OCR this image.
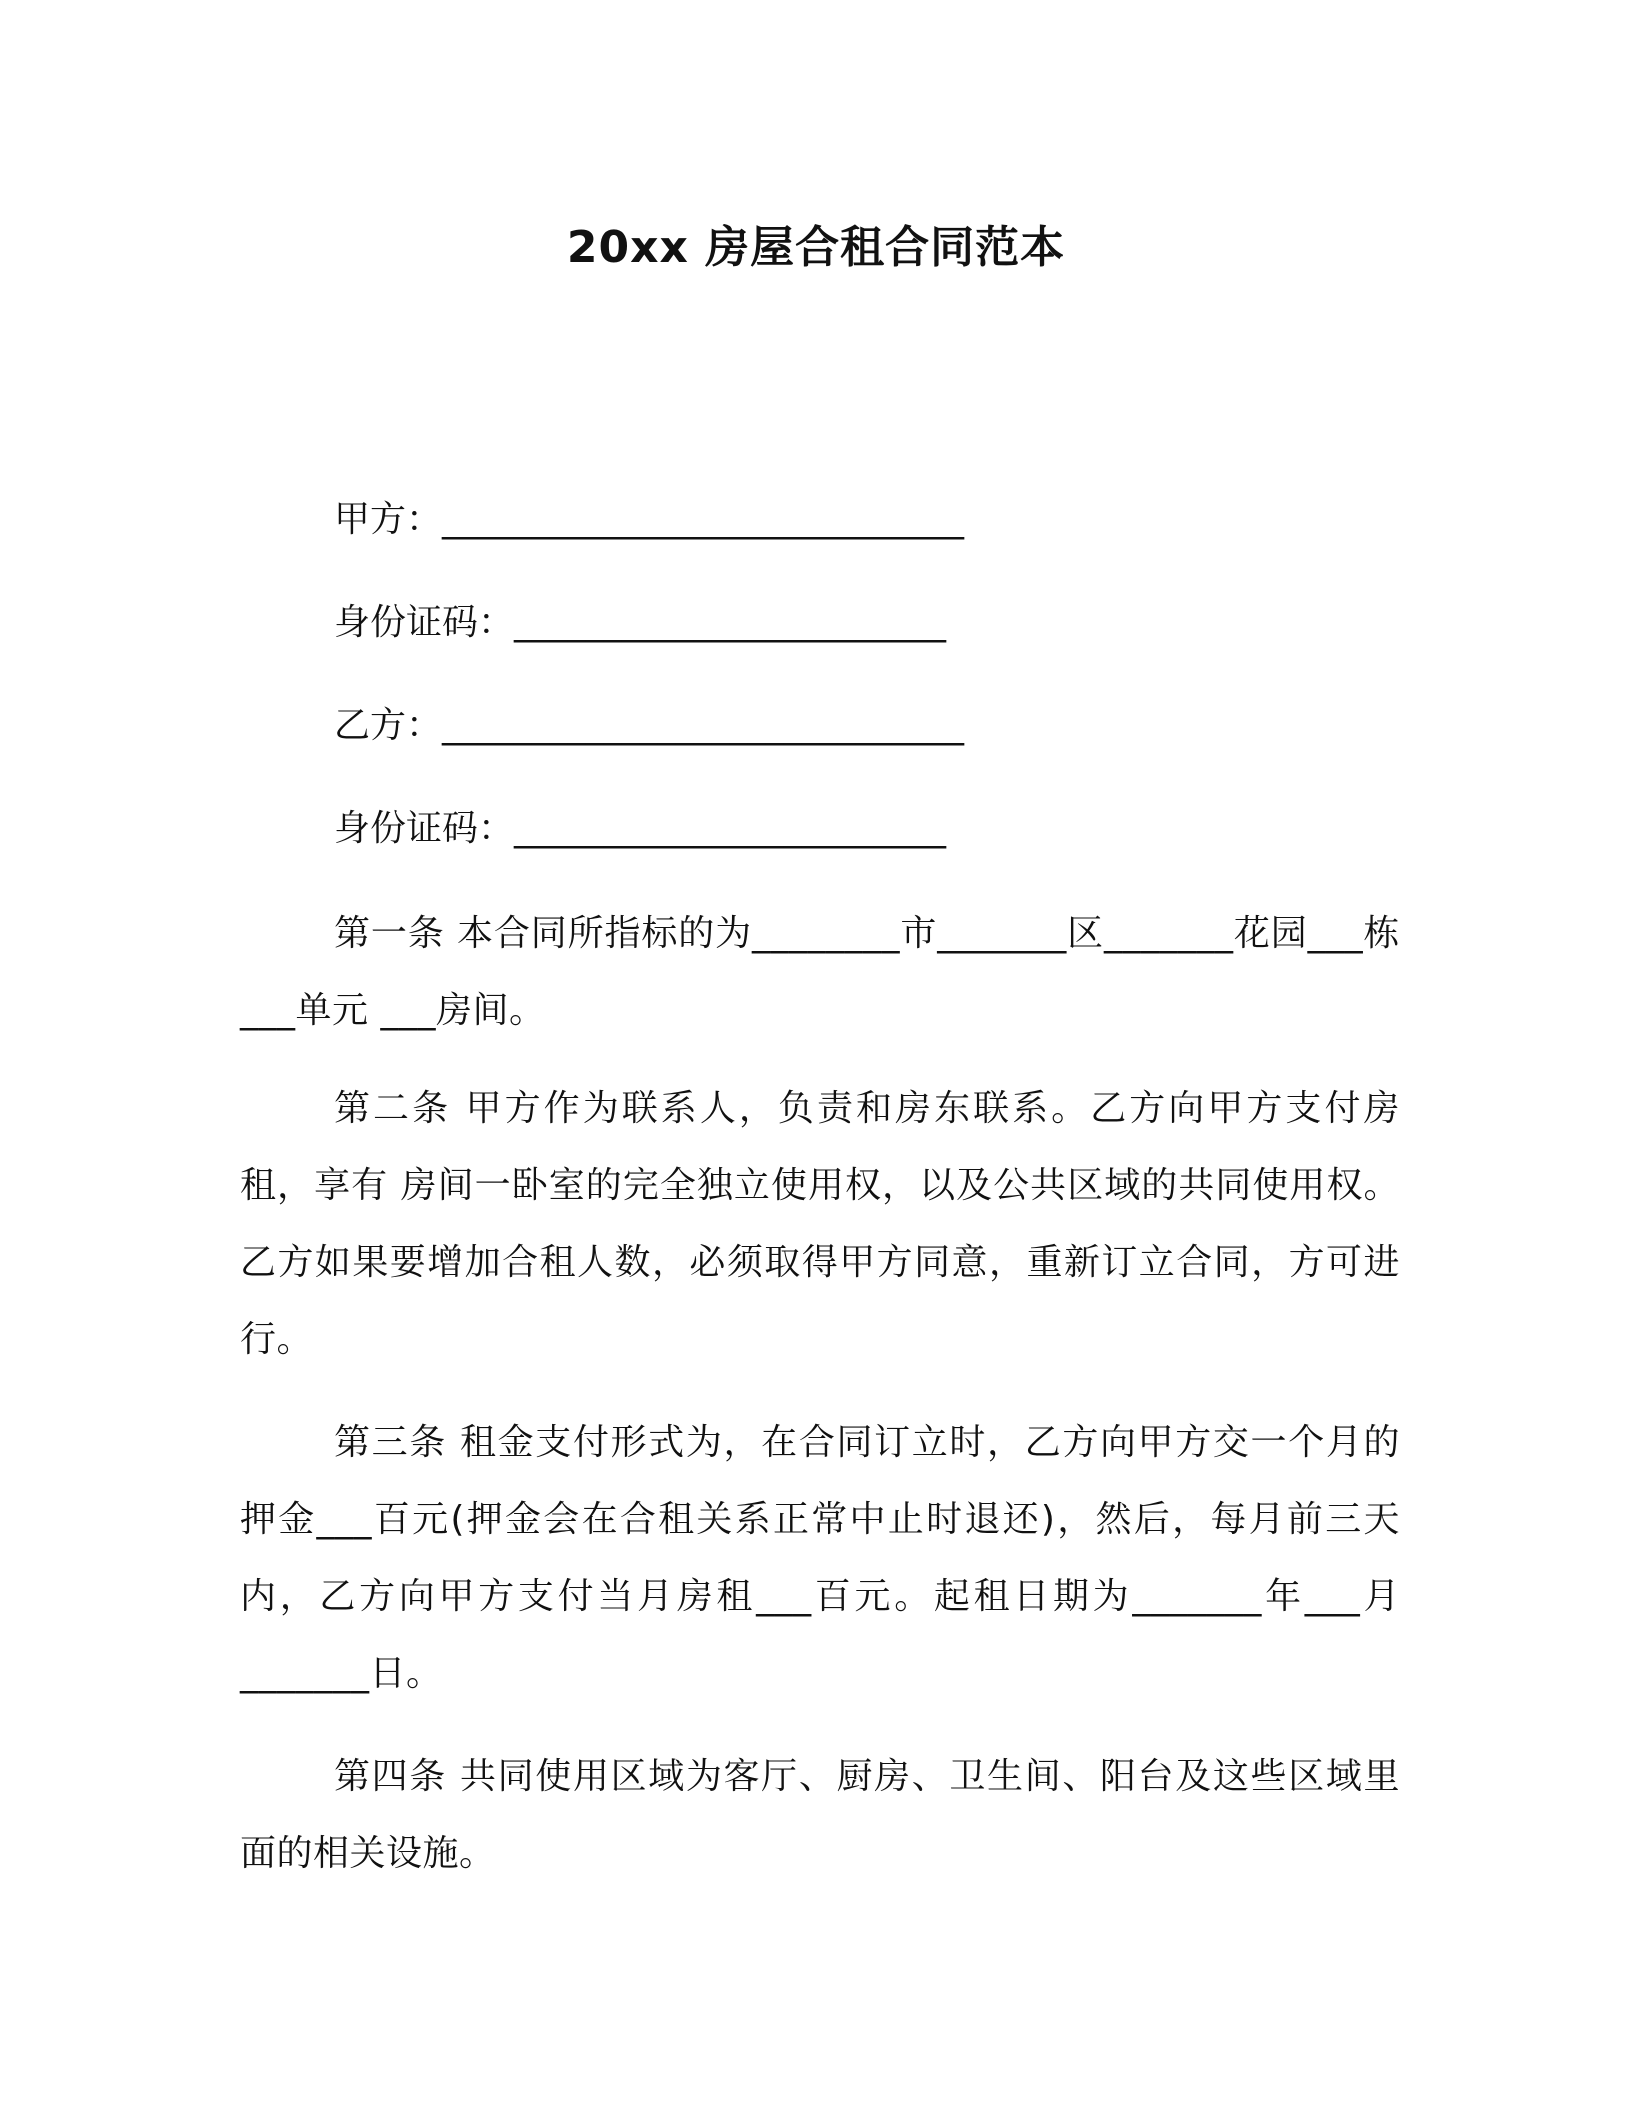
20xx 房屋合租合同范本
甲方：_____________________________
身份证码：________________________
乙方：_____________________________
身份证码：________________________
第一条 本合同所指标的为________市_______区_______花园___栋 ___单元 ___房间。
第二条 甲方作为联系人，负责和房东联系。乙方向甲方支付房租，享有 房间一卧室的完全独立使用权，以及公共区域的共同使用权。乙方如果要增加合租人数，必须取得甲方同意，重新订立合同，方可进行。
第三条 租金支付形式为，在合同订立时，乙方向甲方交一个月的押金___百元(押金会在合租关系正常中止时退还)，然后，每月前三天内，乙方向甲方支付当月房租___百元。起租日期为_______年___月_______日。
第四条 共同使用区域为客厅、厨房、卫生间、阳台及这些区域里面的相关设施。
